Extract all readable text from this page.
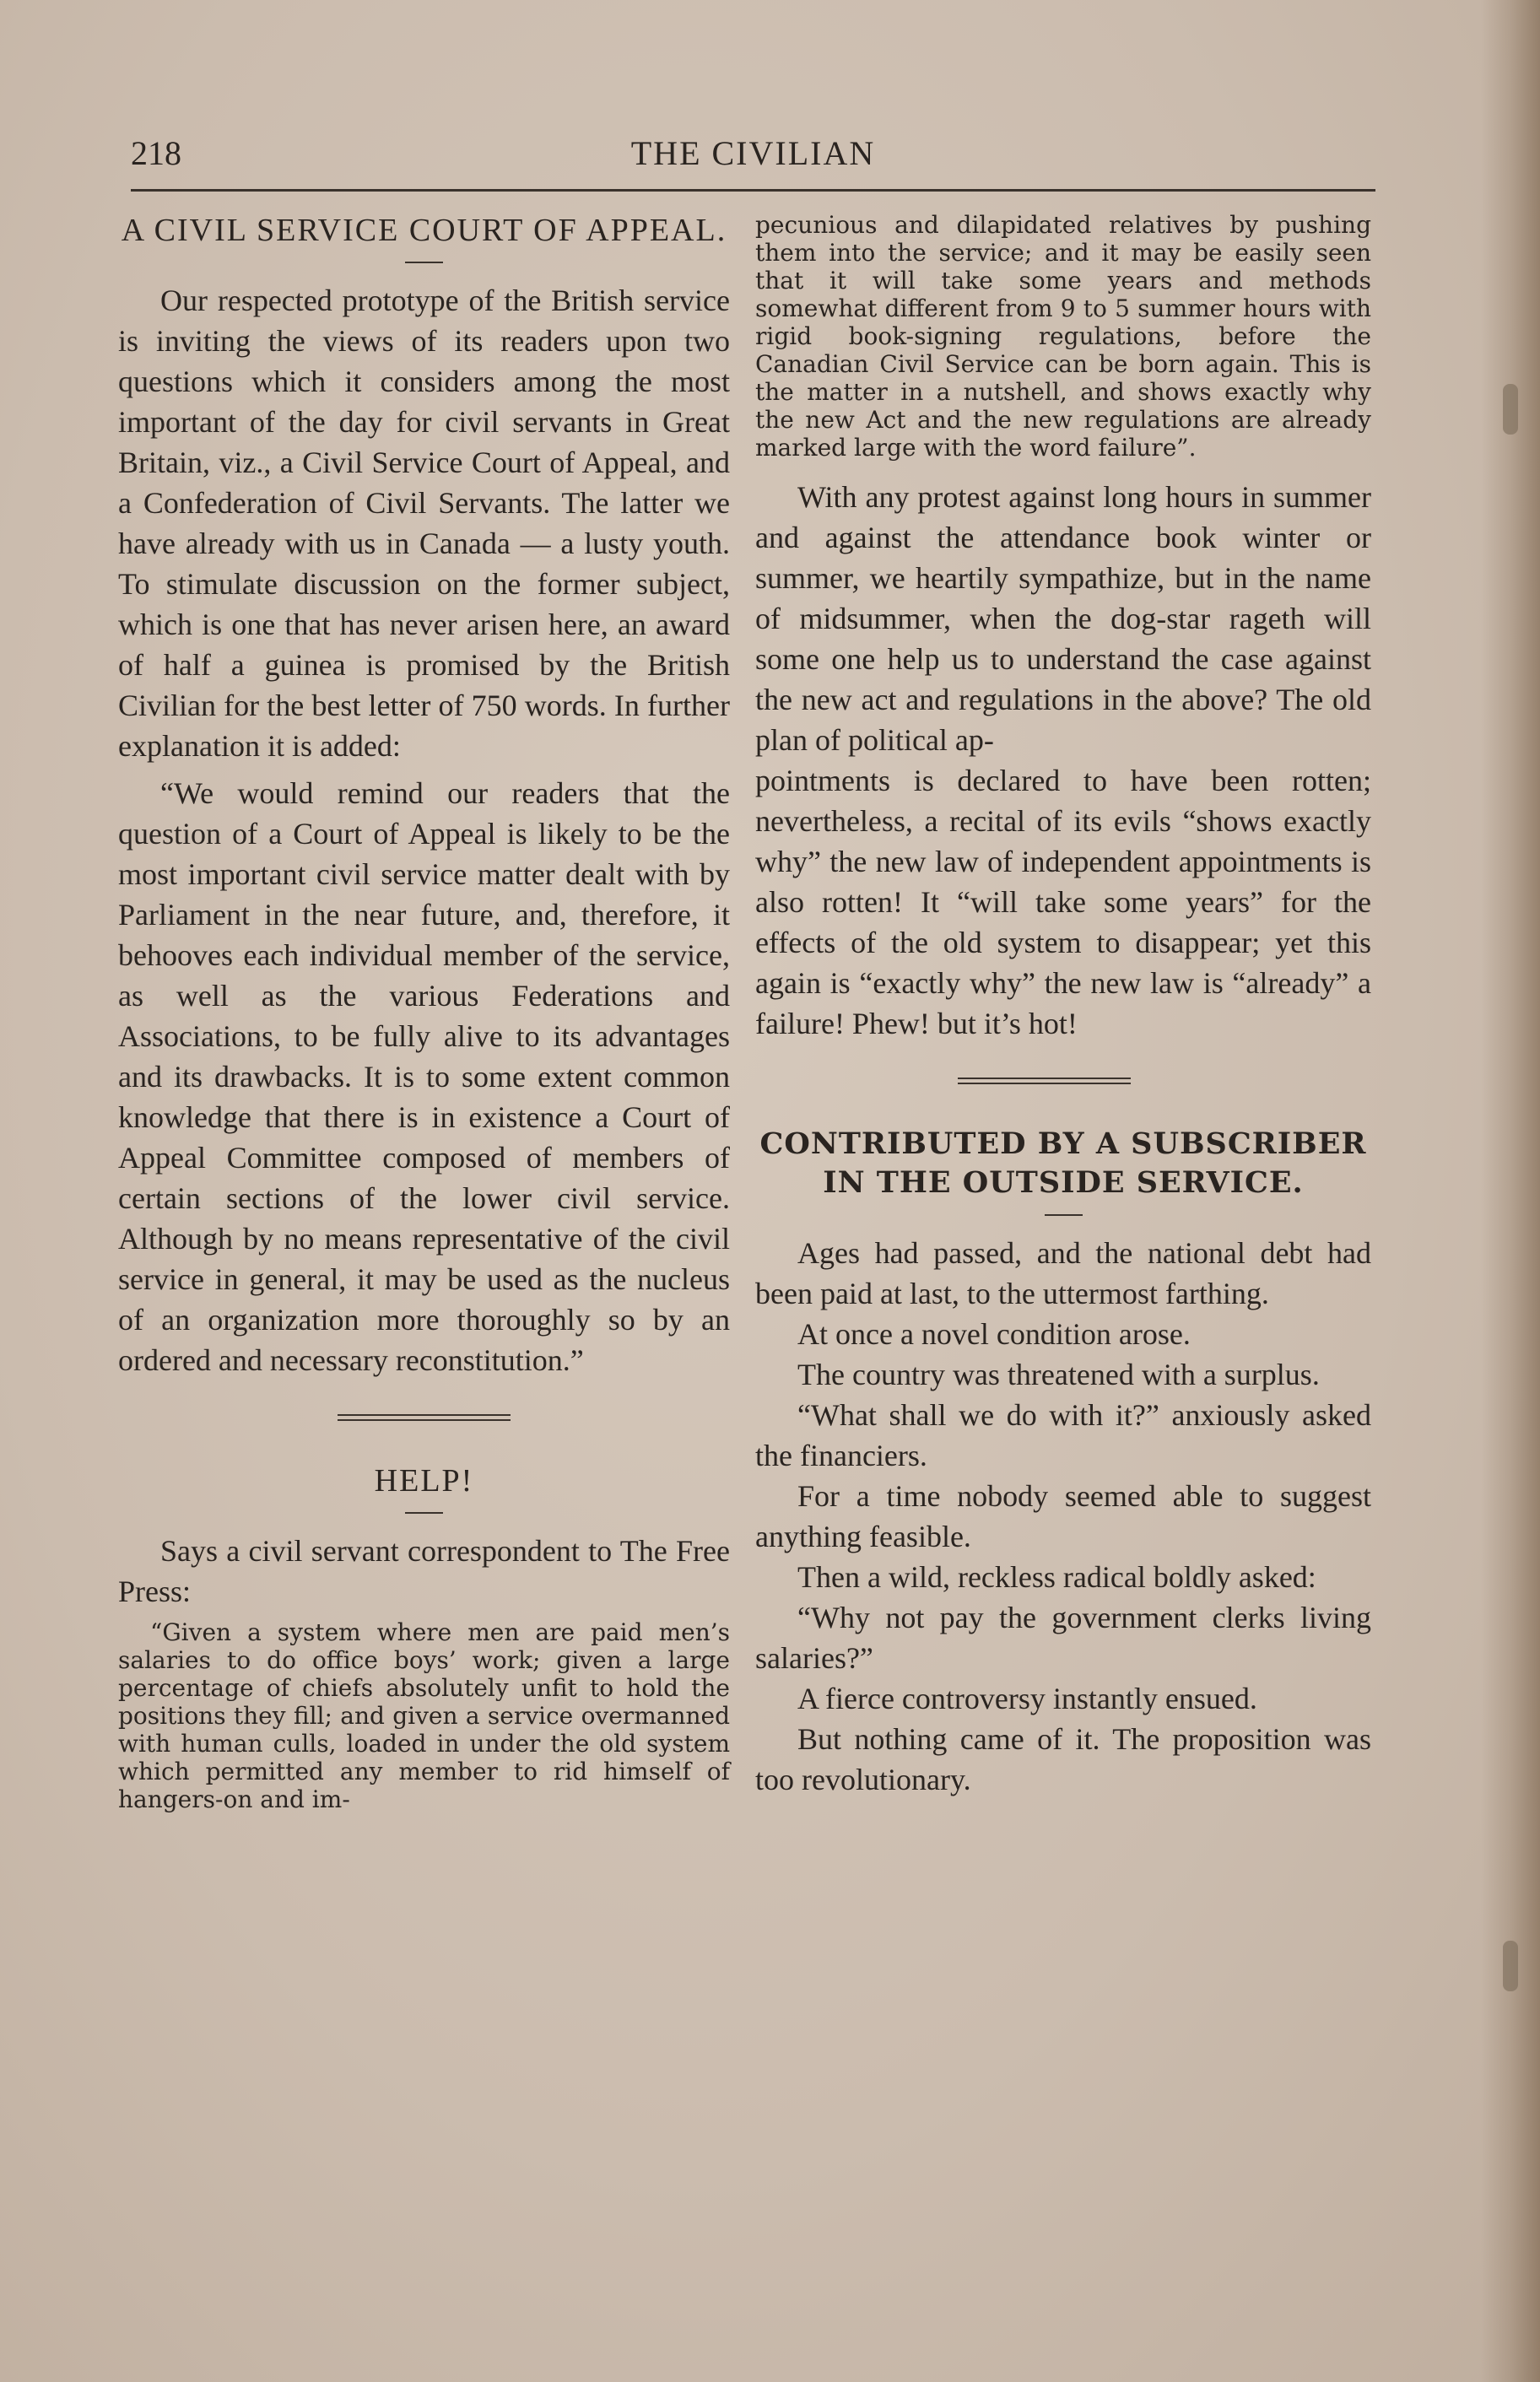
218	THE CIVILIAN
A CIVIL SERVICE COURT OF APPEAL.

Our respected prototype of the British service is inviting the views of its readers upon two questions which it considers among the most important of the day for civil servants in Great Britain, viz., a Civil Service Court of Appeal, and a Confederation of Civil Servants. The latter we have already with us in Canada — a lusty youth. To stimulate discussion on the former subject, which is one that has never arisen here, an award of half a guinea is promised by the British Civilian for the best letter of 750 words. In further explanation it is added:

“We would remind our readers that the question of a Court of Appeal is likely to be the most important civil service matter dealt with by Parliament in the near future, and, therefore, it behooves each individual member of the service, as well as the various Federations and Associations, to be fully alive to its advantages and its drawbacks. It is to some extent common knowledge that there is in existence a Court of Appeal Committee composed of members of certain sections of the lower civil service. Although by no means representative of the civil service in general, it may be used as the nucleus of an organization more thoroughly so by an ordered and necessary reconstitution.”

HELP!

Says a civil servant correspondent to The Free Press:

“Given a system where men are paid men’s salaries to do office boys’ work; given a large percentage of chiefs absolutely unfit to hold the positions they fill; and given a service overmanned with human culls, loaded in under the old system which permitted any member to rid himself of hangers-on and im-

pecunious and dilapidated relatives by pushing them into the service; and it may be easily seen that it will take some years and methods somewhat different from 9 to 5 summer hours with rigid book-signing regulations, before the Canadian Civil Service can be born again. This is the matter in a nutshell, and shows exactly why the new Act and the new regulations are already marked large with the word failure”.

With any protest against long hours in summer and against the attendance book winter or summer, we heartily sympathize, but in the name of midsummer, when the dog-star rageth will some one help us to understand the case against the new act and regulations in the above? The old plan of political ap-

pointments is declared to have been rotten; nevertheless, a recital of its evils “shows exactly why” the new law of independent appointments is also rotten! It “will take some years” for the effects of the old system to disappear; yet this again is “exactly why” the new law is “already” a failure! Phew! but it’s hot!

CONTRIBUTED BY A SUBSCRIBER IN THE OUTSIDE SERVICE.

Ages had passed, and the national debt had been paid at last, to the uttermost farthing.

At once a novel condition arose.

The country was threatened with a surplus.

“What shall we do with it?” anxiously asked the financiers.

For a time nobody seemed able to suggest anything feasible.

Then a wild, reckless radical boldly asked:

“Why not pay the government clerks living salaries?”

A fierce controversy instantly ensued.

But nothing came of it. The proposition was too revolutionary.
